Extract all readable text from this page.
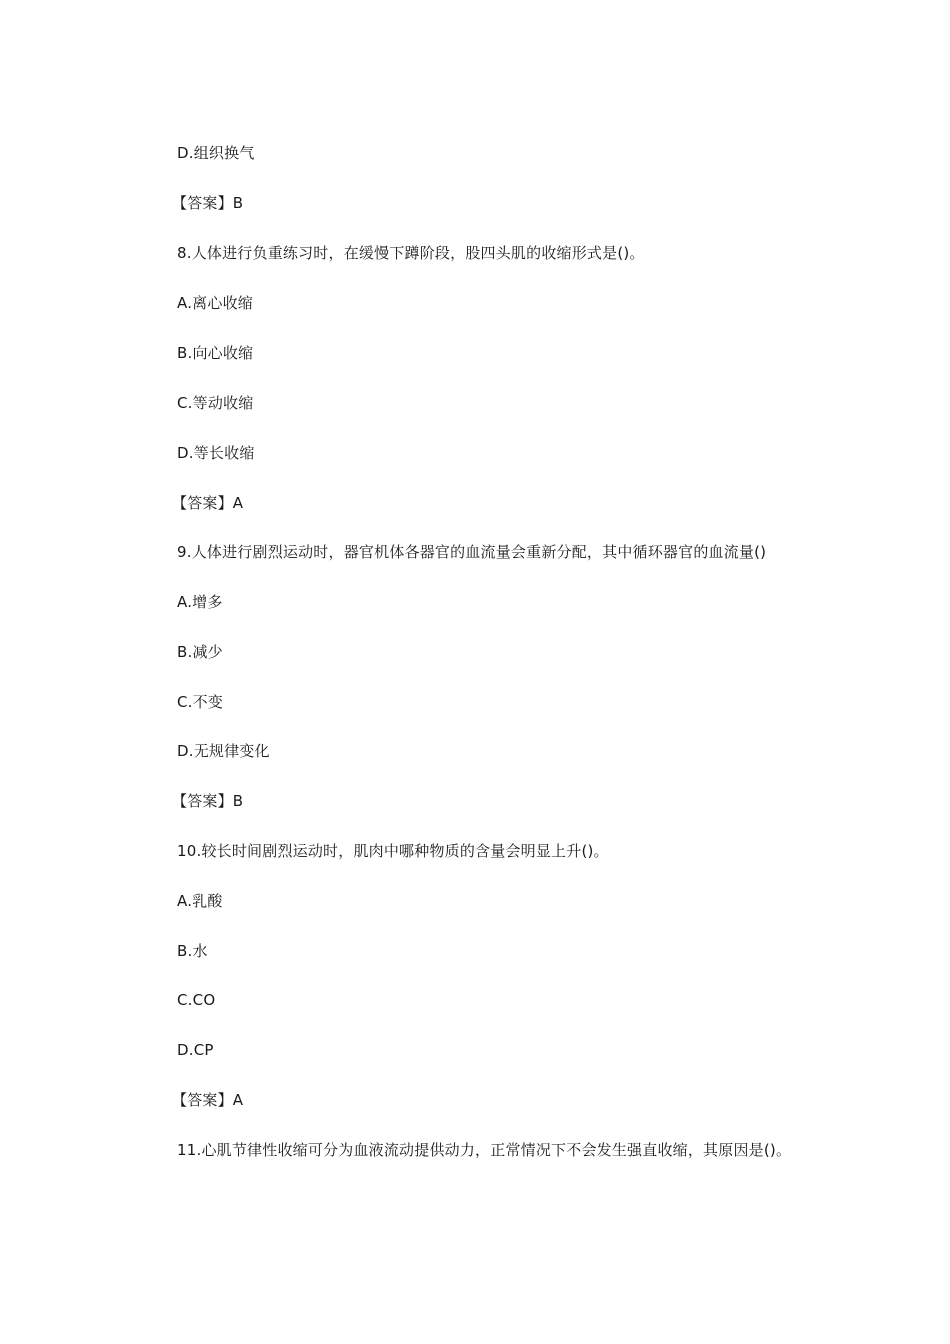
D.组织换气
【答案】B
8.人体进行负重练习时，在缓慢下蹲阶段，股四头肌的收缩形式是()。
A.离心收缩
B.向心收缩
C.等动收缩
D.等长收缩
【答案】A
9.人体进行剧烈运动时，器官机体各器官的血流量会重新分配，其中循环器官的血流量()
A.增多
B.减少
C.不变
D.无规律变化
【答案】B
10.较长时间剧烈运动时，肌肉中哪种物质的含量会明显上升()。
A.乳酸
B.水
C.CO
D.CP
【答案】A
11.心肌节律性收缩可分为血液流动提供动力，正常情况下不会发生强直收缩，其原因是()。
